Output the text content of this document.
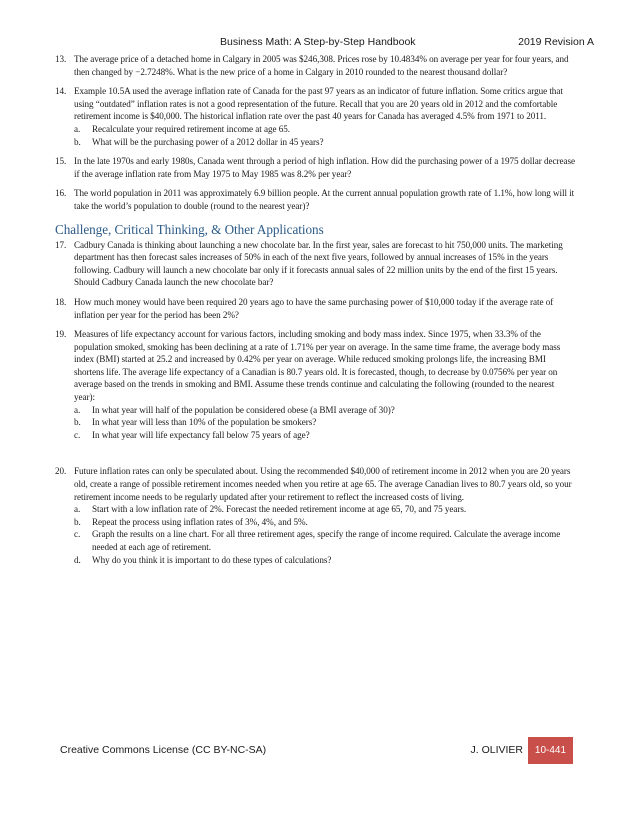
Business Math: A Step-by-Step Handbook	2019 Revision A
13. The average price of a detached home in Calgary in 2005 was $246,308. Prices rose by 10.4834% on average per year for four years, and then changed by −2.7248%. What is the new price of a home in Calgary in 2010 rounded to the nearest thousand dollar?

14. Example 10.5A used the average inflation rate of Canada for the past 97 years as an indicator of future inflation. Some critics argue that using “outdated” inflation rates is not a good representation of the future. Recall that you are 20 years old in 2012 and the comfortable retirement income is $40,000. The historical inflation rate over the past 40 years for Canada has averaged 4.5% from 1971 to 2011.

a. Recalculate your required retirement income at age 65.
b. What will be the purchasing power of a 2012 dollar in 45 years?
15. In the late 1970s and early 1980s, Canada went through a period of high inflation. How did the purchasing power of a 1975 dollar decrease if the average inflation rate from May 1975 to May 1985 was 8.2% per year?

16. The world population in 2011 was approximately 6.9 billion people. At the current annual population growth rate of 1.1%, how long will it take the world’s population to double (round to the nearest year)?

Challenge, Critical Thinking, & Other Applications
17. Cadbury Canada is thinking about launching a new chocolate bar. In the first year, sales are forecast to hit 750,000 units. The marketing department has then forecast sales increases of 50% in each of the next five years, followed by annual increases of 15% in the years following. Cadbury will launch a new chocolate bar only if it forecasts annual sales of 22 million units by the end of the first 15 years. Should Cadbury Canada launch the new chocolate bar?

18. How much money would have been required 20 years ago to have the same purchasing power of $10,000 today if the average rate of inflation per year for the period has been 2%?

19. Measures of life expectancy account for various factors, including smoking and body mass index. Since 1975, when 33.3% of the population smoked, smoking has been declining at a rate of 1.71% per year on average. In the same time frame, the average body mass index (BMI) started at 25.2 and increased by 0.42% per year on average. While reduced smoking prolongs life, the increasing BMI shortens life. The average life expectancy of a Canadian is 80.7 years old. It is forecasted, though, to decrease by 0.0756% per year on average based on the trends in smoking and BMI. Assume these trends continue and calculating the following (rounded to the nearest year):

a. In what year will half of the population be considered obese (a BMI average of 30)?
b. In what year will less than 10% of the population be smokers?
c. In what year will life expectancy fall below 75 years of age?
20. Future inflation rates can only be speculated about. Using the recommended $40,000 of retirement income in 2012 when you are 20 years old, create a range of possible retirement incomes needed when you retire at age 65. The average Canadian lives to 80.7 years old, so your retirement income needs to be regularly updated after your retirement to reflect the increased costs of living.

a. Start with a low inflation rate of 2%. Forecast the needed retirement income at age 65, 70, and 75 years.
b. Repeat the process using inflation rates of 3%, 4%, and 5%.
c. Graph the results on a line chart. For all three retirement ages, specify the range of income required. Calculate the average income needed at each age of retirement.
d. Why do you think it is important to do these types of calculations?
Creative Commons License (CC BY-NC-SA)	J. OLIVIER	10-441
